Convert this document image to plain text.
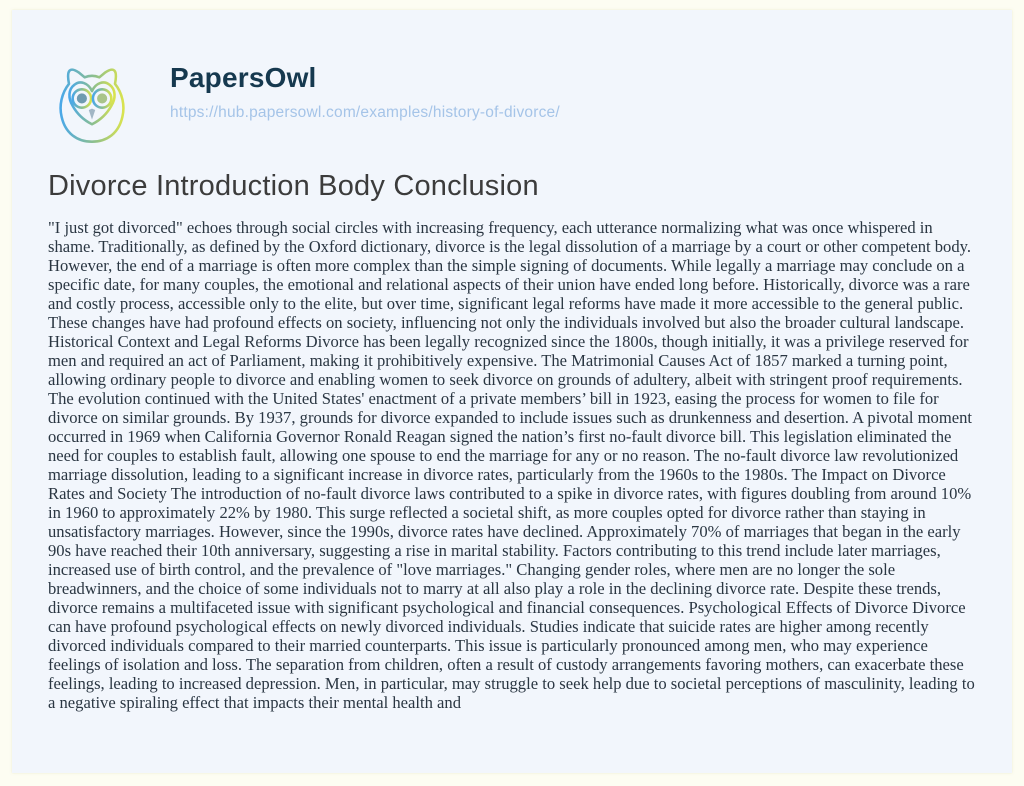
PapersOwl
https://hub.papersowl.com/examples/history-of-divorce/
Divorce Introduction Body Conclusion
"I just got divorced" echoes through social circles with increasing frequency, each utterance normalizing what was once whispered in shame. Traditionally, as defined by the Oxford dictionary, divorce is the legal dissolution of a marriage by a court or other competent body. However, the end of a marriage is often more complex than the simple signing of documents. While legally a marriage may conclude on a specific date, for many couples, the emotional and relational aspects of their union have ended long before. Historically, divorce was a rare and costly process, accessible only to the elite, but over time, significant legal reforms have made it more accessible to the general public. These changes have had profound effects on society, influencing not only the individuals involved but also the broader cultural landscape. Historical Context and Legal Reforms Divorce has been legally recognized since the 1800s, though initially, it was a privilege reserved for men and required an act of Parliament, making it prohibitively expensive. The Matrimonial Causes Act of 1857 marked a turning point, allowing ordinary people to divorce and enabling women to seek divorce on grounds of adultery, albeit with stringent proof requirements. The evolution continued with the United States' enactment of a private members’ bill in 1923, easing the process for women to file for divorce on similar grounds. By 1937, grounds for divorce expanded to include issues such as drunkenness and desertion. A pivotal moment occurred in 1969 when California Governor Ronald Reagan signed the nation’s first no-fault divorce bill. This legislation eliminated the need for couples to establish fault, allowing one spouse to end the marriage for any or no reason. The no-fault divorce law revolutionized marriage dissolution, leading to a significant increase in divorce rates, particularly from the 1960s to the 1980s. The Impact on Divorce Rates and Society The introduction of no-fault divorce laws contributed to a spike in divorce rates, with figures doubling from around 10% in 1960 to approximately 22% by 1980. This surge reflected a societal shift, as more couples opted for divorce rather than staying in unsatisfactory marriages. However, since the 1990s, divorce rates have declined. Approximately 70% of marriages that began in the early 90s have reached their 10th anniversary, suggesting a rise in marital stability. Factors contributing to this trend include later marriages, increased use of birth control, and the prevalence of "love marriages." Changing gender roles, where men are no longer the sole breadwinners, and the choice of some individuals not to marry at all also play a role in the declining divorce rate. Despite these trends, divorce remains a multifaceted issue with significant psychological and financial consequences. Psychological Effects of Divorce Divorce can have profound psychological effects on newly divorced individuals. Studies indicate that suicide rates are higher among recently divorced individuals compared to their married counterparts. This issue is particularly pronounced among men, who may experience feelings of isolation and loss. The separation from children, often a result of custody arrangements favoring mothers, can exacerbate these feelings, leading to increased depression. Men, in particular, may struggle to seek help due to societal perceptions of masculinity, leading to a negative spiraling effect that impacts their mental health and
